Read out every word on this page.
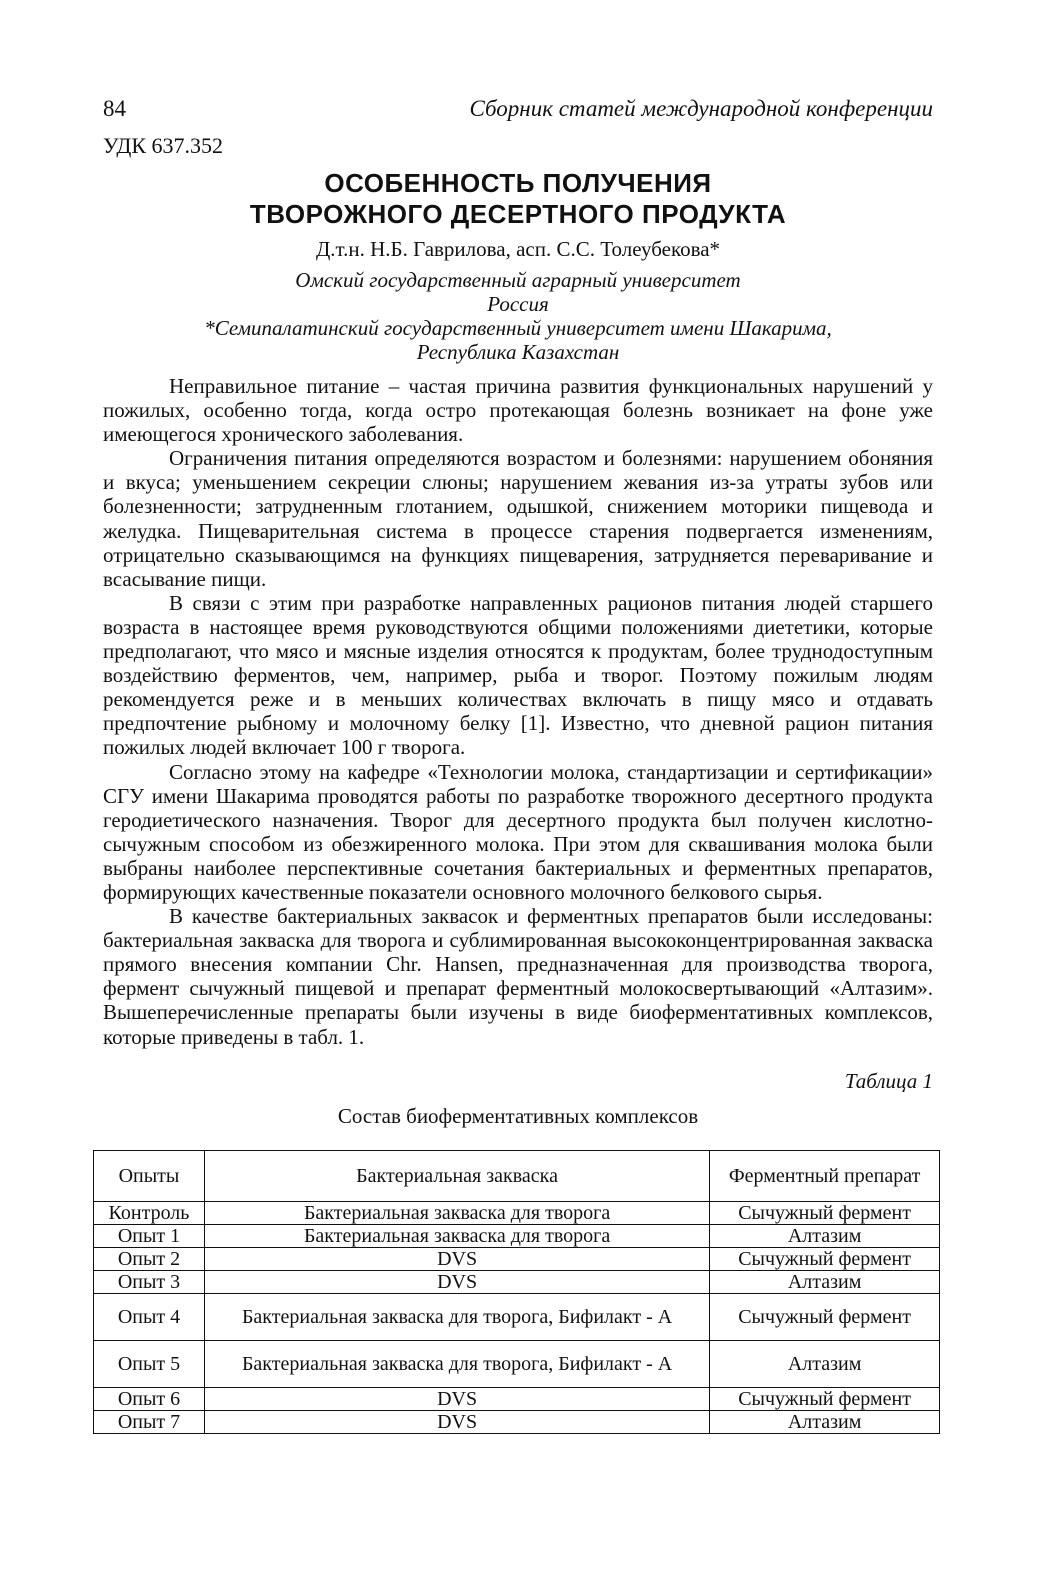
84	Сборник статей международной конференции
УДК 637.352
ОСОБЕННОСТЬ ПОЛУЧЕНИЯ
ТВОРОЖНОГО ДЕСЕРТНОГО ПРОДУКТА
Д.т.н. Н.Б. Гаврилова, асп. С.С. Толеубекова*
Омский государственный аграрный университет
Россия
*Семипалатинский государственный университет имени Шакарима,
Республика Казахстан

Неправильное питание – частая причина развития функциональных нарушений у пожилых, особенно тогда, когда остро протекающая болезнь возникает на фоне уже имеющегося хронического заболевания.

Ограничения питания определяются возрастом и болезнями: нарушением обоняния и вкуса; уменьшением секреции слюны; нарушением жевания из-за утраты зубов или болезненности; затрудненным глотанием, одышкой, снижением моторики пищевода и желудка. Пищеварительная система в процессе старения подвергается изменениям, отрицательно сказывающимся на функциях пищеварения, затрудняется переваривание и всасывание пищи.

В связи с этим при разработке направленных рационов питания людей старшего возраста в настоящее время руководствуются общими положениями диететики, которые предполагают, что мясо и мясные изделия относятся к продуктам, более труднодоступным воздействию ферментов, чем, например, рыба и творог. Поэтому пожилым людям рекомендуется реже и в меньших количествах включать в пищу мясо и отдавать предпочтение рыбному и молочному белку [1]. Известно, что дневной рацион питания пожилых людей включает 100 г творога.

Согласно этому на кафедре «Технологии молока, стандартизации и сертификации» СГУ имени Шакарима проводятся работы по разработке творожного десертного продукта геродиетического назначения. Творог для десертного продукта был получен кислотно-сычужным способом из обезжиренного молока. При этом для сквашивания молока были выбраны наиболее перспективные сочетания бактериальных и ферментных препаратов, формирующих качественные показатели основного молочного белкового сырья.

В качестве бактериальных заквасок и ферментных препаратов были исследованы: бактериальная закваска для творога и сублимированная высококонцентрированная закваска прямого внесения компании Chr. Hansen, предназначенная для производства творога, фермент сычужный пищевой и препарат ферментный молокосвертывающий «Алтазим». Вышеперечисленные препараты были изучены в виде биоферментативных комплексов, которые приведены в табл. 1.

Таблица 1
Состав биоферментативных комплексов
Опыты	Бактериальная закваска	Ферментный препарат
Контроль	Бактериальная закваска для творога	Сычужный фермент
Опыт 1	Бактериальная закваска для творога	Алтазим
Опыт 2	DVS	Сычужный фермент
Опыт 3	DVS	Алтазим
Опыт 4	Бактериальная закваска для творога, Бифилакт - А	Сычужный фермент
Опыт 5	Бактериальная закваска для творога, Бифилакт - А	Алтазим
Опыт 6	DVS	Сычужный фермент
Опыт 7	DVS	Алтазим
